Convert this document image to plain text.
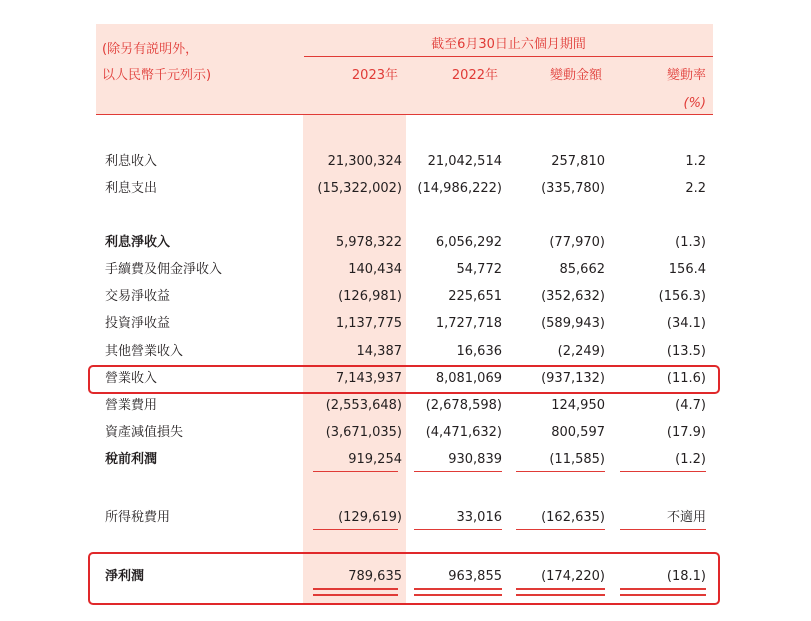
(除另有説明外，
以人民幣千元列示)
截至6月30日止六個月期間
2023年	2022年	變動金額	變動率
(%)
利息收入	21,300,324	21,042,514	257,810	1.2
利息支出	(15,322,002)	(14,986,222)	(335,780)	2.2
利息淨收入	5,978,322	6,056,292	(77,970)	(1.3)
手續費及佣金淨收入	140,434	54,772	85,662	156.4
交易淨收益	(126,981)	225,651	(352,632)	(156.3)
投資淨收益	1,137,775	1,727,718	(589,943)	(34.1)
其他營業收入	14,387	16,636	(2,249)	(13.5)
營業收入	7,143,937	8,081,069	(937,132)	(11.6)
營業費用	(2,553,648)	(2,678,598)	124,950	(4.7)
資產減值損失	(3,671,035)	(4,471,632)	800,597	(17.9)
稅前利潤	919,254	930,839	(11,585)	(1.2)
所得稅費用	(129,619)	33,016	(162,635)	不適用
淨利潤	789,635	963,855	(174,220)	(18.1)
